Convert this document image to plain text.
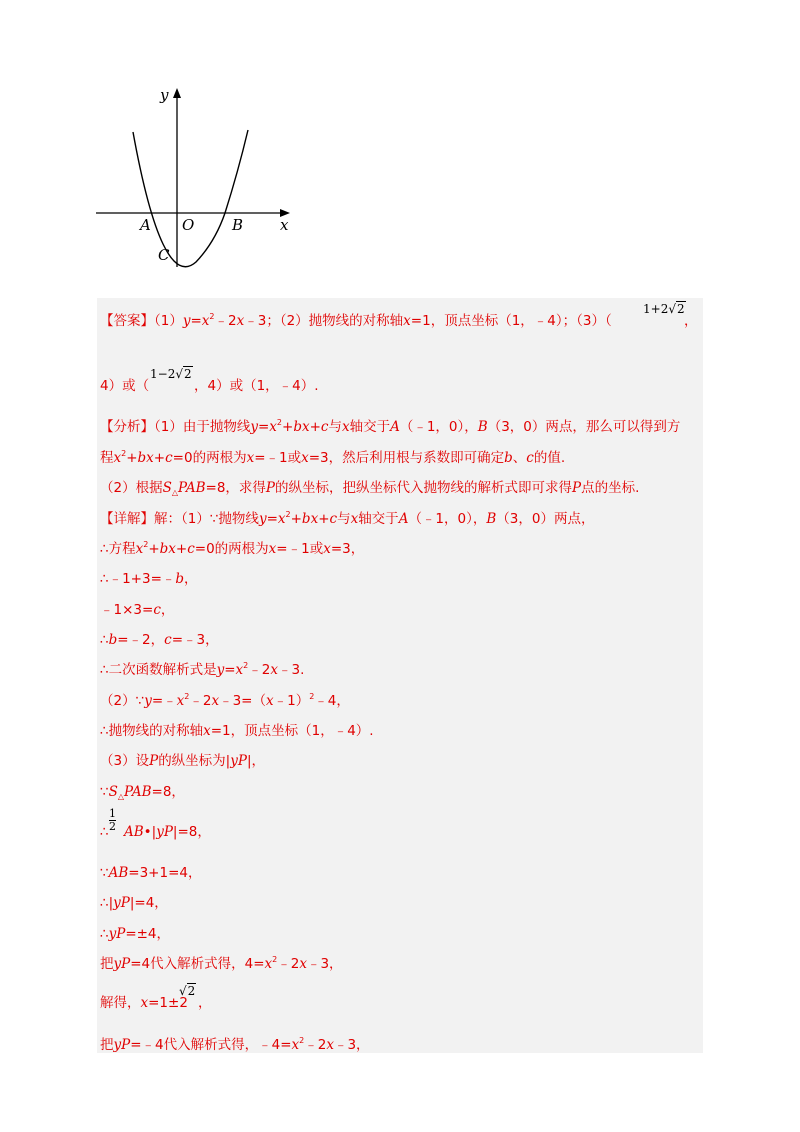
y
x
O
A	B
C
【答案】$(1)y=x^2﹣2x﹣3$；（2）抛物线的对称轴x=1，顶点坐标（1，﹣4）；（3）（
1+2√2
，
4）或（
1−2√2
，4）或（1，﹣4）.
【分析】（1）由于抛物线$y=x^2+bx+c$与x轴交于A（﹣1，0），B（3，0）两点，那么可以得到方
程$x^2+bx+c=0$的两根为x=﹣1或x=3，然后利用根与系数即可确定b、c的值.
（2）根据$S_\triangle PAB=8$，求得P的纵坐标，把纵坐标代入抛物线的解析式即可求得P点的坐标.
【详解】解：（1）∵抛物线$y=x^2+bx+c$与x轴交于A（﹣1，0），B（3，0）两点，
∴方程$x^2+bx+c=0$的两根为x=﹣1或x=3，
∴﹣1+3=﹣b，
﹣1×3=c，
∴b=﹣2，c=﹣3，
∴二次函数解析式是$y=x^2﹣2x﹣3$.
$(2)\because y=﹣x^2﹣2x﹣3=(x﹣1)^2﹣4$，
∴抛物线的对称轴x=1，顶点坐标（1，﹣4）.
（3）设P的纵坐标为|yP|，
$\because S_\triangle PAB=8$，
∴ $\frac{1}{2}$ AB•|yP|=8，
∵AB=3+1=4，
∴|yP|=4，
∴yP=±4，
把yP=4代入解析式得，$4=x^2﹣2x﹣3$，
解得，x=1±2
√2
，
把yP=﹣4代入解析式得，$﹣4=x^2﹣2x﹣3$，
